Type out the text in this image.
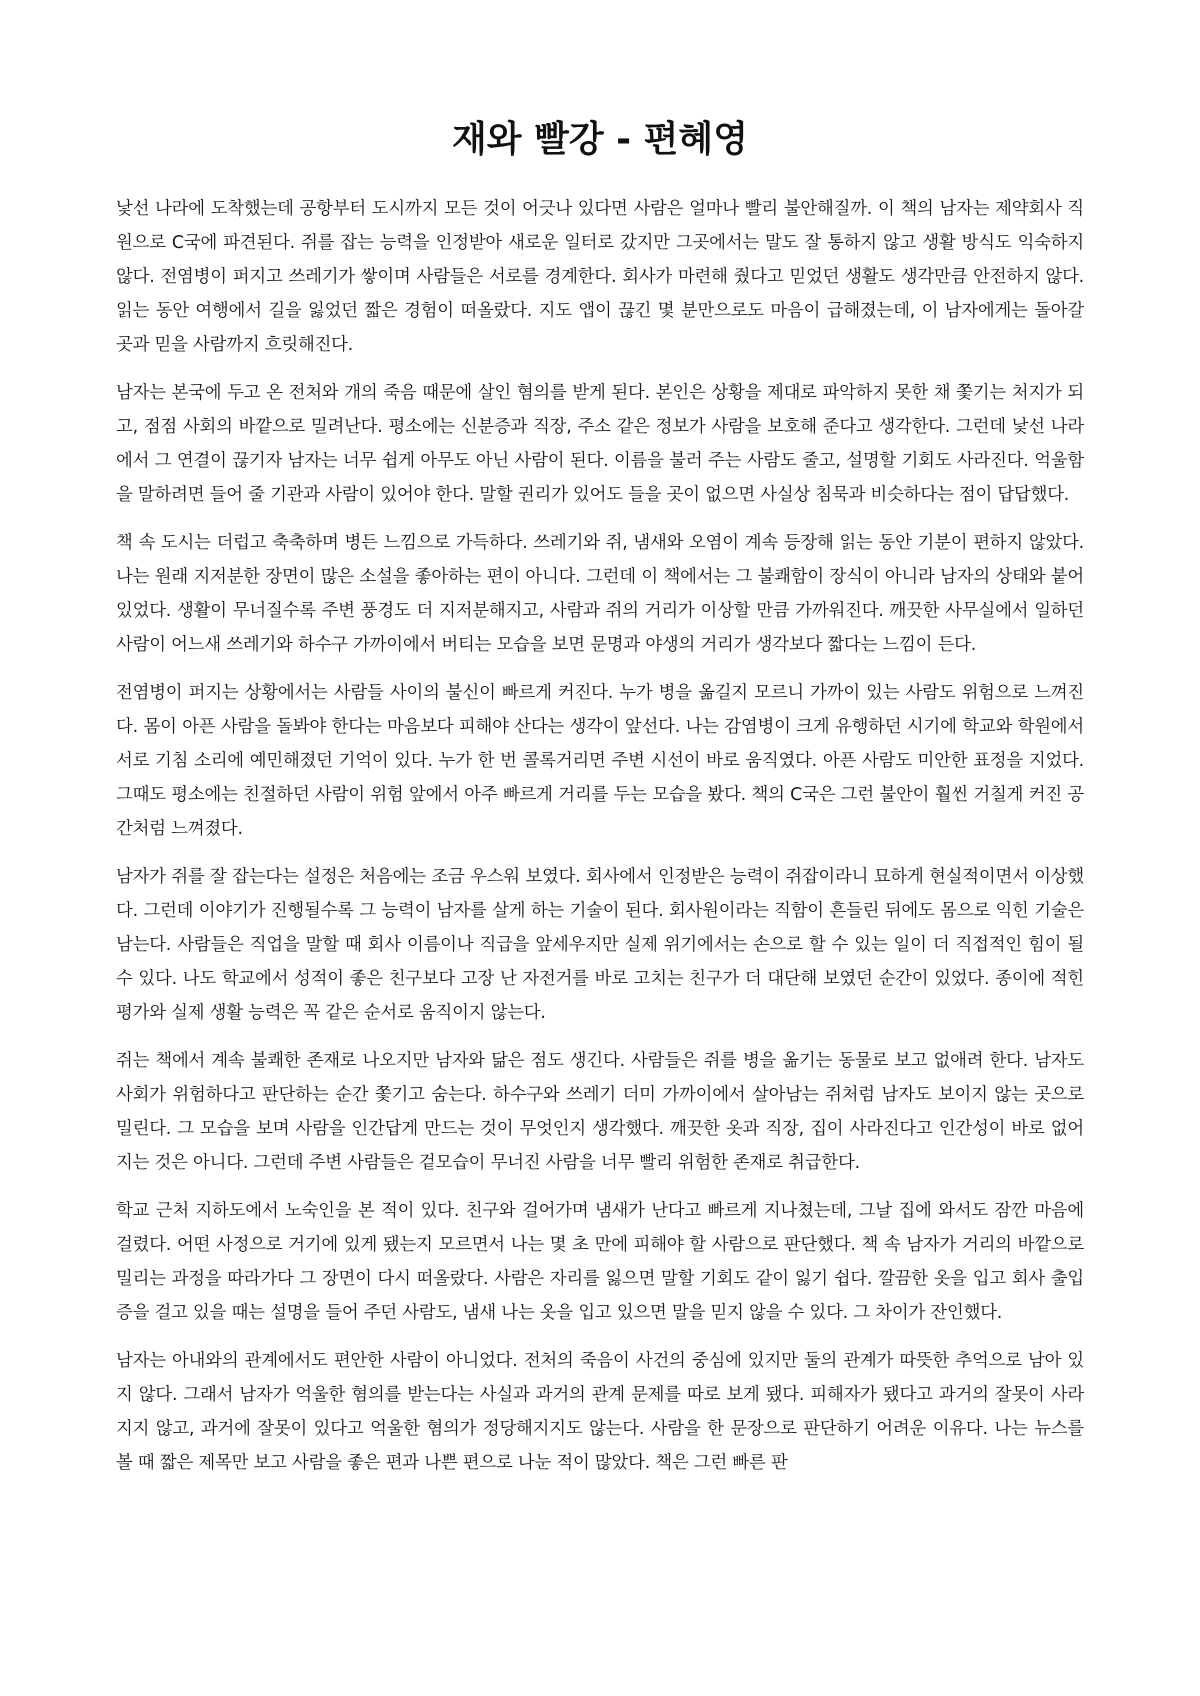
재와 빨강 - 편혜영

낯선 나라에 도착했는데 공항부터 도시까지 모든 것이 어긋나 있다면 사람은 얼마나 빨리 불안해질까. 이 책의 남자는 제약회사 직원으로 C국에 파견된다. 쥐를 잡는 능력을 인정받아 새로운 일터로 갔지만 그곳에서는 말도 잘 통하지 않고 생활 방식도 익숙하지 않다. 전염병이 퍼지고 쓰레기가 쌓이며 사람들은 서로를 경계한다. 회사가 마련해 줬다고 믿었던 생활도 생각만큼 안전하지 않다. 읽는 동안 여행에서 길을 잃었던 짧은 경험이 떠올랐다. 지도 앱이 끊긴 몇 분만으로도 마음이 급해졌는데, 이 남자에게는 돌아갈 곳과 믿을 사람까지 흐릿해진다.

남자는 본국에 두고 온 전처와 개의 죽음 때문에 살인 혐의를 받게 된다. 본인은 상황을 제대로 파악하지 못한 채 쫓기는 처지가 되고, 점점 사회의 바깥으로 밀려난다. 평소에는 신분증과 직장, 주소 같은 정보가 사람을 보호해 준다고 생각한다. 그런데 낯선 나라에서 그 연결이 끊기자 남자는 너무 쉽게 아무도 아닌 사람이 된다. 이름을 불러 주는 사람도 줄고, 설명할 기회도 사라진다. 억울함을 말하려면 들어 줄 기관과 사람이 있어야 한다. 말할 권리가 있어도 들을 곳이 없으면 사실상 침묵과 비슷하다는 점이 답답했다.

책 속 도시는 더럽고 축축하며 병든 느낌으로 가득하다. 쓰레기와 쥐, 냄새와 오염이 계속 등장해 읽는 동안 기분이 편하지 않았다. 나는 원래 지저분한 장면이 많은 소설을 좋아하는 편이 아니다. 그런데 이 책에서는 그 불쾌함이 장식이 아니라 남자의 상태와 붙어 있었다. 생활이 무너질수록 주변 풍경도 더 지저분해지고, 사람과 쥐의 거리가 이상할 만큼 가까워진다. 깨끗한 사무실에서 일하던 사람이 어느새 쓰레기와 하수구 가까이에서 버티는 모습을 보면 문명과 야생의 거리가 생각보다 짧다는 느낌이 든다.

전염병이 퍼지는 상황에서는 사람들 사이의 불신이 빠르게 커진다. 누가 병을 옮길지 모르니 가까이 있는 사람도 위험으로 느껴진다. 몸이 아픈 사람을 돌봐야 한다는 마음보다 피해야 산다는 생각이 앞선다. 나는 감염병이 크게 유행하던 시기에 학교와 학원에서 서로 기침 소리에 예민해졌던 기억이 있다. 누가 한 번 콜록거리면 주변 시선이 바로 움직였다. 아픈 사람도 미안한 표정을 지었다. 그때도 평소에는 친절하던 사람이 위험 앞에서 아주 빠르게 거리를 두는 모습을 봤다. 책의 C국은 그런 불안이 훨씬 거칠게 커진 공간처럼 느껴졌다.

남자가 쥐를 잘 잡는다는 설정은 처음에는 조금 우스워 보였다. 회사에서 인정받은 능력이 쥐잡이라니 묘하게 현실적이면서 이상했다. 그런데 이야기가 진행될수록 그 능력이 남자를 살게 하는 기술이 된다. 회사원이라는 직함이 흔들린 뒤에도 몸으로 익힌 기술은 남는다. 사람들은 직업을 말할 때 회사 이름이나 직급을 앞세우지만 실제 위기에서는 손으로 할 수 있는 일이 더 직접적인 힘이 될 수 있다. 나도 학교에서 성적이 좋은 친구보다 고장 난 자전거를 바로 고치는 친구가 더 대단해 보였던 순간이 있었다. 종이에 적힌 평가와 실제 생활 능력은 꼭 같은 순서로 움직이지 않는다.

쥐는 책에서 계속 불쾌한 존재로 나오지만 남자와 닮은 점도 생긴다. 사람들은 쥐를 병을 옮기는 동물로 보고 없애려 한다. 남자도 사회가 위험하다고 판단하는 순간 쫓기고 숨는다. 하수구와 쓰레기 더미 가까이에서 살아남는 쥐처럼 남자도 보이지 않는 곳으로 밀린다. 그 모습을 보며 사람을 인간답게 만드는 것이 무엇인지 생각했다. 깨끗한 옷과 직장, 집이 사라진다고 인간성이 바로 없어지는 것은 아니다. 그런데 주변 사람들은 겉모습이 무너진 사람을 너무 빨리 위험한 존재로 취급한다.

학교 근처 지하도에서 노숙인을 본 적이 있다. 친구와 걸어가며 냄새가 난다고 빠르게 지나쳤는데, 그날 집에 와서도 잠깐 마음에 걸렸다. 어떤 사정으로 거기에 있게 됐는지 모르면서 나는 몇 초 만에 피해야 할 사람으로 판단했다. 책 속 남자가 거리의 바깥으로 밀리는 과정을 따라가다 그 장면이 다시 떠올랐다. 사람은 자리를 잃으면 말할 기회도 같이 잃기 쉽다. 깔끔한 옷을 입고 회사 출입증을 걸고 있을 때는 설명을 들어 주던 사람도, 냄새 나는 옷을 입고 있으면 말을 믿지 않을 수 있다. 그 차이가 잔인했다.

남자는 아내와의 관계에서도 편안한 사람이 아니었다. 전처의 죽음이 사건의 중심에 있지만 둘의 관계가 따뜻한 추억으로 남아 있지 않다. 그래서 남자가 억울한 혐의를 받는다는 사실과 과거의 관계 문제를 따로 보게 됐다. 피해자가 됐다고 과거의 잘못이 사라지지 않고, 과거에 잘못이 있다고 억울한 혐의가 정당해지지도 않는다. 사람을 한 문장으로 판단하기 어려운 이유다. 나는 뉴스를 볼 때 짧은 제목만 보고 사람을 좋은 편과 나쁜 편으로 나눈 적이 많았다. 책은 그런 빠른 판
